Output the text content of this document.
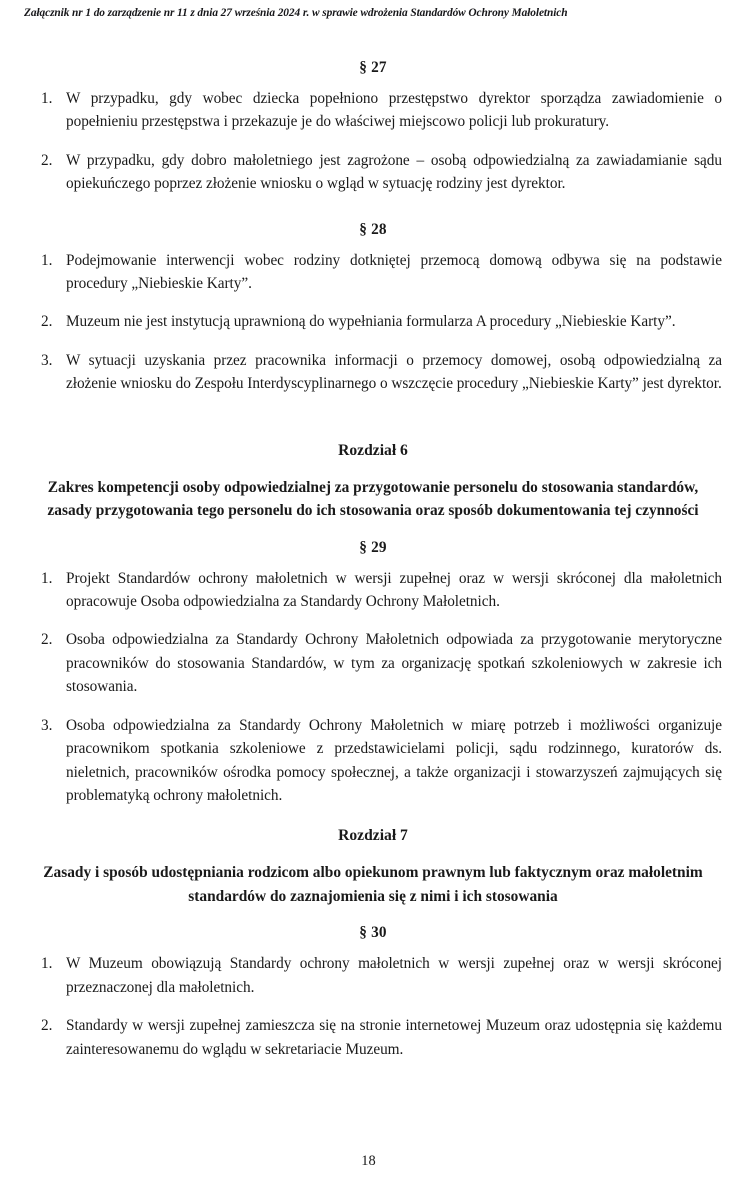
Załącznik nr 1 do zarządzenie nr 11 z dnia 27 września 2024 r. w sprawie wdrożenia Standardów Ochrony Małoletnich
§ 27
1. W przypadku, gdy wobec dziecka popełniono przestępstwo dyrektor sporządza zawiadomienie o popełnieniu przestępstwa i przekazuje je do właściwej miejscowo policji lub prokuratury.
2. W przypadku, gdy dobro małoletniego jest zagrożone – osobą odpowiedzialną za zawiadamianie sądu opiekuńczego poprzez złożenie wniosku o wgląd w sytuację rodziny jest dyrektor.
§ 28
1. Podejmowanie interwencji wobec rodziny dotkniętej przemocą domową odbywa się na podstawie procedury „Niebieskie Karty”.
2. Muzeum nie jest instytucją uprawnioną do wypełniania formularza A procedury „Niebieskie Karty”.
3. W sytuacji uzyskania przez pracownika informacji o przemocy domowej, osobą odpowiedzialną za złożenie wniosku do Zespołu Interdyscyplinarnego o wszczęcie procedury „Niebieskie Karty” jest dyrektor.
Rozdział 6
Zakres kompetencji osoby odpowiedzialnej za przygotowanie personelu do stosowania standardów, zasady przygotowania tego personelu do ich stosowania oraz sposób dokumentowania tej czynności
§ 29
1. Projekt Standardów ochrony małoletnich w wersji zupełnej oraz w wersji skróconej dla małoletnich opracowuje Osoba odpowiedzialna za Standardy Ochrony Małoletnich.
2. Osoba odpowiedzialna za Standardy Ochrony Małoletnich odpowiada za przygotowanie merytoryczne pracowników do stosowania Standardów, w tym za organizację spotkań szkoleniowych w zakresie ich stosowania.
3. Osoba odpowiedzialna za Standardy Ochrony Małoletnich w miarę potrzeb i możliwości organizuje pracownikom spotkania szkoleniowe z przedstawicielami policji, sądu rodzinnego, kuratorów ds. nieletnich, pracowników ośrodka pomocy społecznej, a także organizacji i stowarzyszeń zajmujących się problematyką ochrony małoletnich.
Rozdział 7
Zasady i sposób udostępniania rodzicom albo opiekunom prawnym lub faktycznym oraz małoletnim standardów do zaznajomienia się z nimi i ich stosowania
§ 30
1. W Muzeum obowiązują Standardy ochrony małoletnich w wersji zupełnej oraz w wersji skróconej przeznaczonej dla małoletnich.
2. Standardy w wersji zupełnej zamieszcza się na stronie internetowej Muzeum oraz udostępnia się każdemu zainteresowanemu do wglądu w sekretariacie Muzeum.
18
